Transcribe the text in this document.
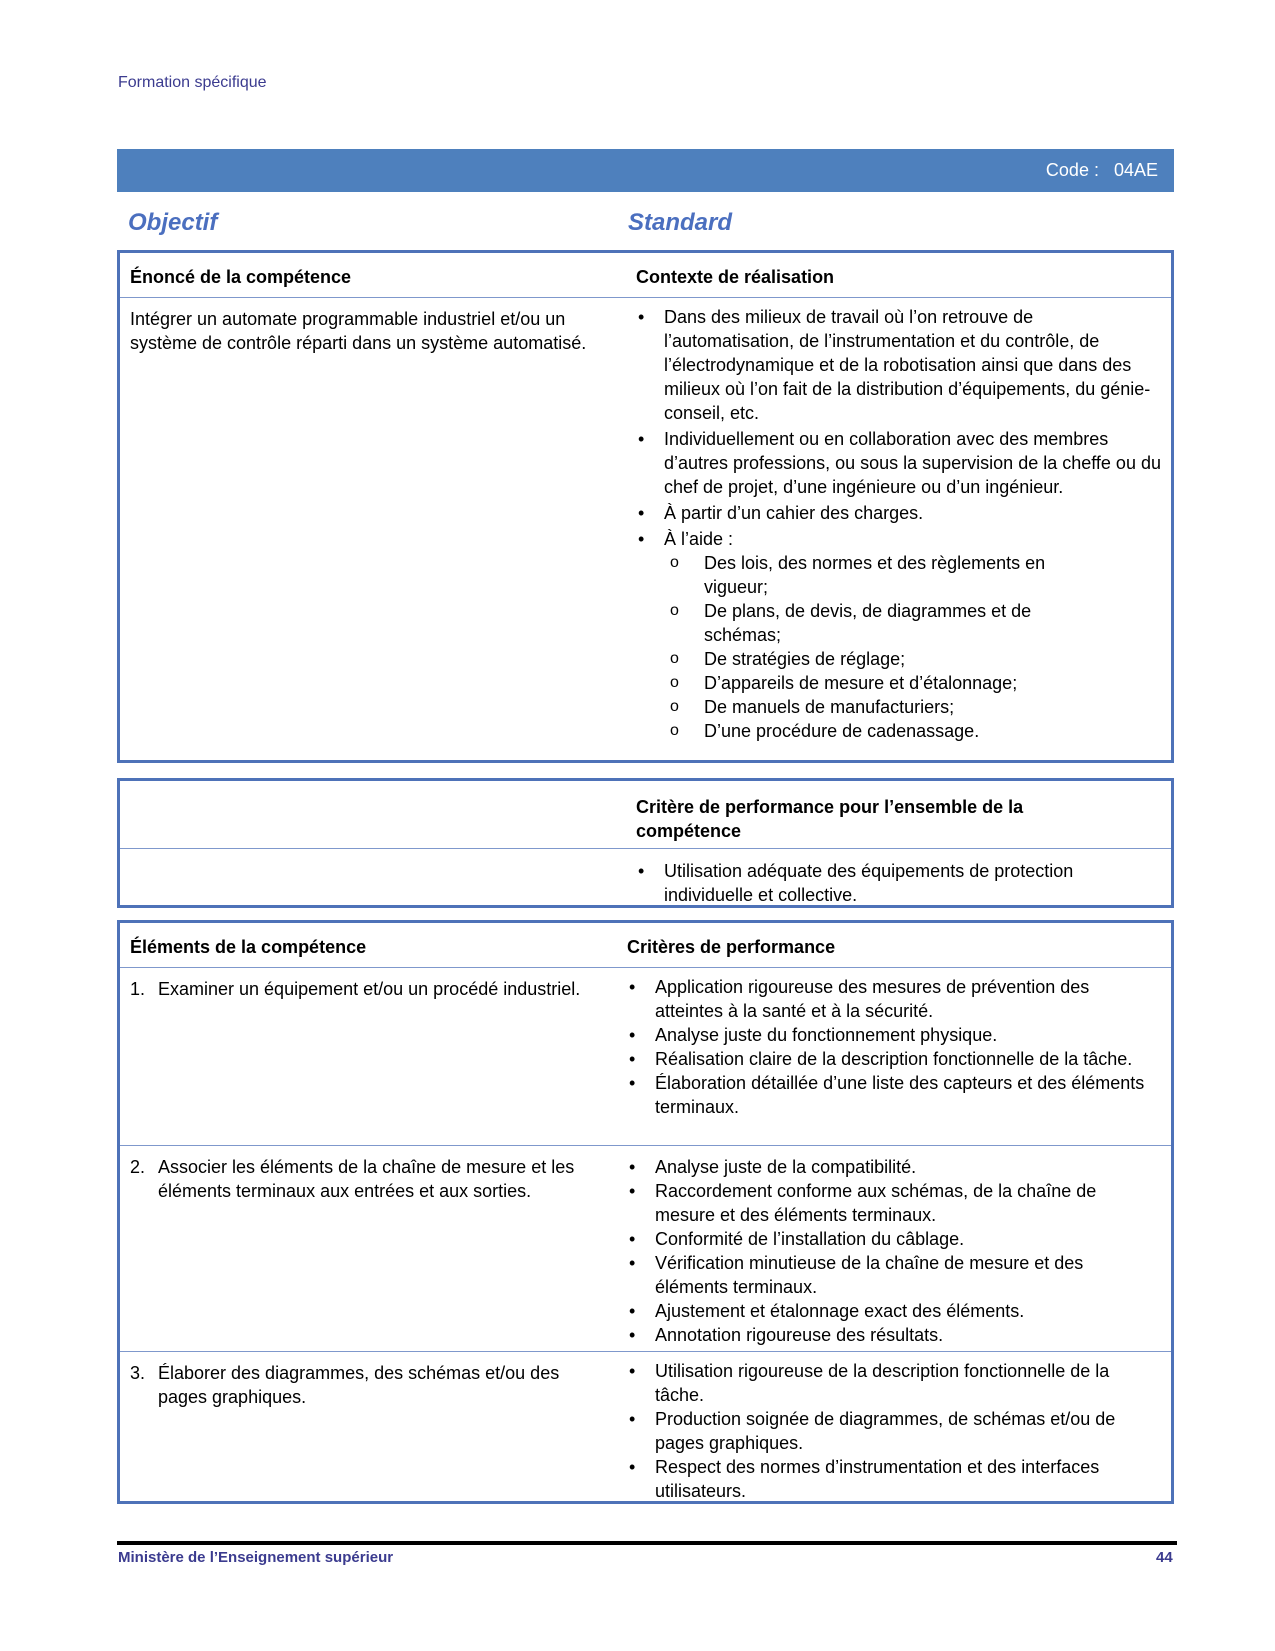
Formation spécifique
Code :   04AE
Objectif	Standard
Énoncé de la compétence	Contexte de réalisation
Intégrer un automate programmable industriel et/ou un système de contrôle réparti dans un système automatisé.
• Dans des milieux de travail où l’on retrouve de l’automatisation, de l’instrumentation et du contrôle, de l’électrodynamique et de la robotisation ainsi que dans des milieux où l’on fait de la distribution d’équipements, du génie-conseil, etc.
• Individuellement ou en collaboration avec des membres d’autres professions, ou sous la supervision de la cheffe ou du chef de projet, d’une ingénieure ou d’un ingénieur.
• À partir d’un cahier des charges.
• À l’aide :
o Des lois, des normes et des règlements en vigueur;
o De plans, de devis, de diagrammes et de schémas;
o De stratégies de réglage;
o D’appareils de mesure et d’étalonnage;
o De manuels de manufacturiers;
o D’une procédure de cadenassage.
Critère de performance pour l’ensemble de la compétence
• Utilisation adéquate des équipements de protection individuelle et collective.
Éléments de la compétence	Critères de performance
1. Examiner un équipement et/ou un procédé industriel.
•	Application rigoureuse des mesures de prévention des atteintes à la santé et à la sécurité.
• Analyse juste du fonctionnement physique.
• Réalisation claire de la description fonctionnelle de la tâche.
• Élaboration détaillée d’une liste des capteurs et des éléments terminaux.
2. Associer les éléments de la chaîne de mesure et les éléments terminaux aux entrées et aux sorties.
• Analyse juste de la compatibilité.
• Raccordement conforme aux schémas, de la chaîne de mesure et des éléments terminaux.
• Conformité de l’installation du câblage.
• Vérification minutieuse de la chaîne de mesure et des éléments terminaux.
• Ajustement et étalonnage exact des éléments.
• Annotation rigoureuse des résultats.
3. Élaborer des diagrammes, des schémas et/ou des pages graphiques.
• Utilisation rigoureuse de la description fonctionnelle de la tâche.
• Production soignée de diagrammes, de schémas et/ou de pages graphiques.
• Respect des normes d’instrumentation et des interfaces utilisateurs.
Ministère de l’Enseignement supérieur	44
